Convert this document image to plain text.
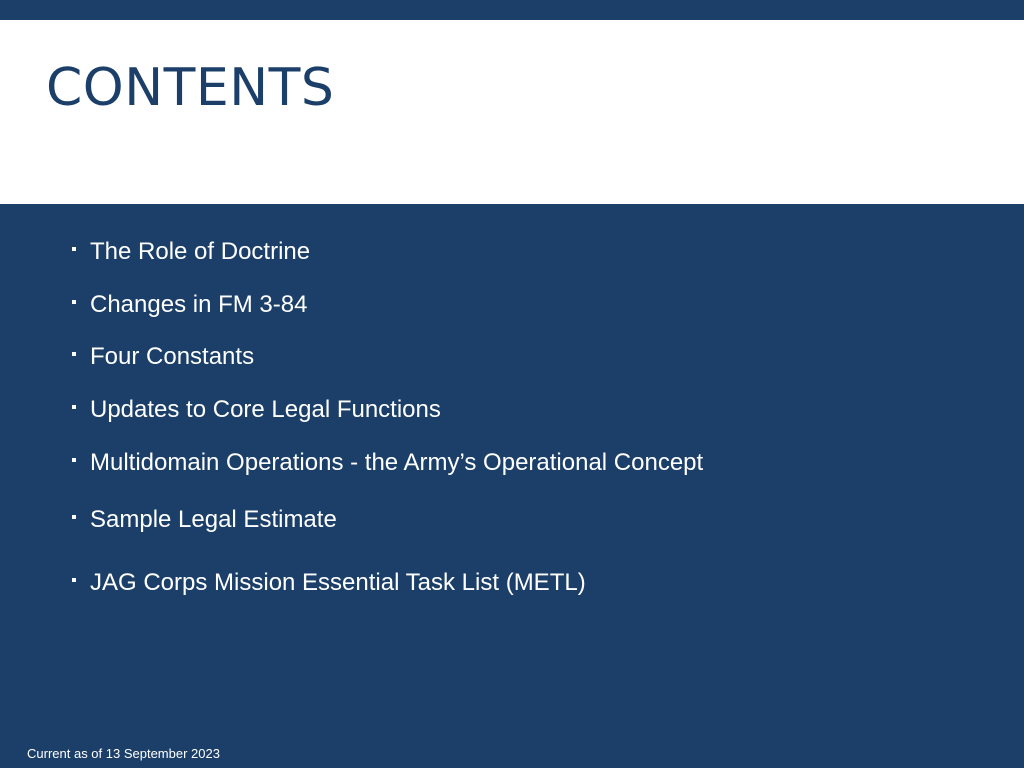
CONTENTS
The Role of Doctrine
Changes in FM 3-84
Four Constants
Updates to Core Legal Functions
Multidomain Operations - the Army’s Operational Concept
Sample Legal Estimate
JAG Corps Mission Essential Task List (METL)
Current as of 13 September 2023
